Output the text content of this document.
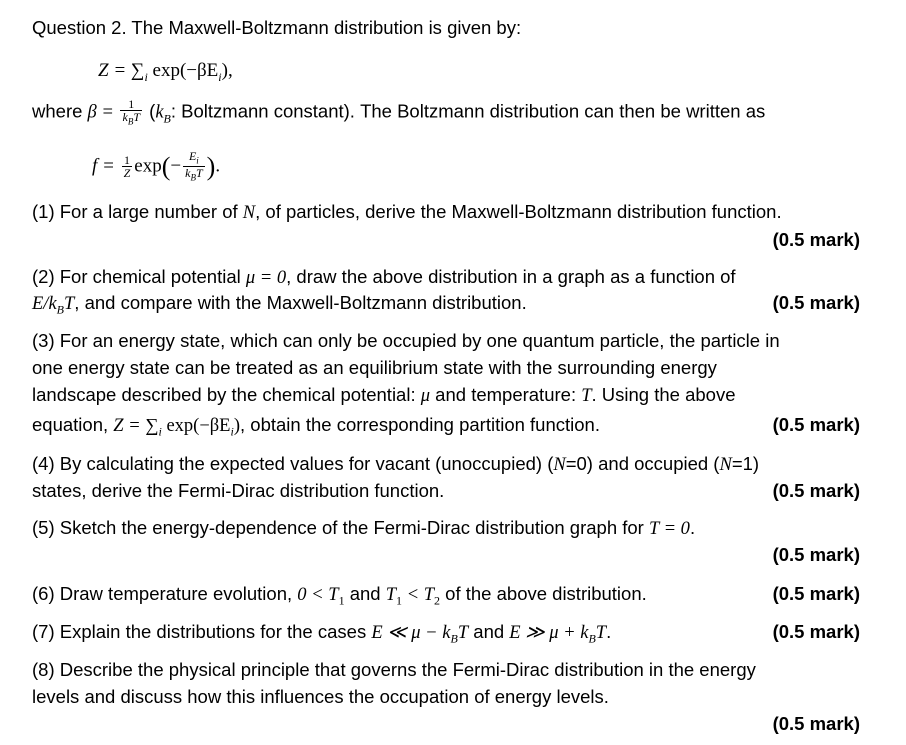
Question 2. The Maxwell-Boltzmann distribution is given by:
$Z = \sum_i$ $\exp(-\beta E_i)$,
where $\beta = \frac{1}{k_BT} (k_B$: Boltzmann constant). The Boltzmann distribution can then be written as
$f = \frac{1}{Z} \exp(- \frac{E_i}{k_BT}$ ).
(1) For a large number of N, of particles, derive the Maxwell-Boltzmann distribution function.
(0.5 mark)
(2) For chemical potential μ = 0, draw the above distribution in a graph as a function of
$E/k_BT$, and compare with the Maxwell-Boltzmann distribution.	(0.5 mark)
(3) For an energy state, which can only be occupied by one quantum particle, the particle in
one energy state can be treated as an equilibrium state with the surrounding energy
landscape described by the chemical potential: μ and temperature: T. Using the above
equation, $Z = \sum_i$ $\exp(-\beta E_i)$, obtain the corresponding partition function.	(0.5 mark)
(4) By calculating the expected values for vacant (unoccupied) (N=0) and occupied (N=1)
states, derive the Fermi-Dirac distribution function.	(0.5 mark)
(5) Sketch the energy-dependence of the Fermi-Dirac distribution graph for T = 0.
(0.5 mark)
(6) Draw temperature evolution, $0 < T_1$ and $T_1 < T_2$ of the above distribution.	(0.5 mark)
(7) Explain the distributions for the cases E ≪ $\mu - k_BT$ and E ≫ $\mu + k_BT$.	(0.5 mark)
(8) Describe the physical principle that governs the Fermi-Dirac distribution in the energy
levels and discuss how this influences the occupation of energy levels.
(0.5 mark)
